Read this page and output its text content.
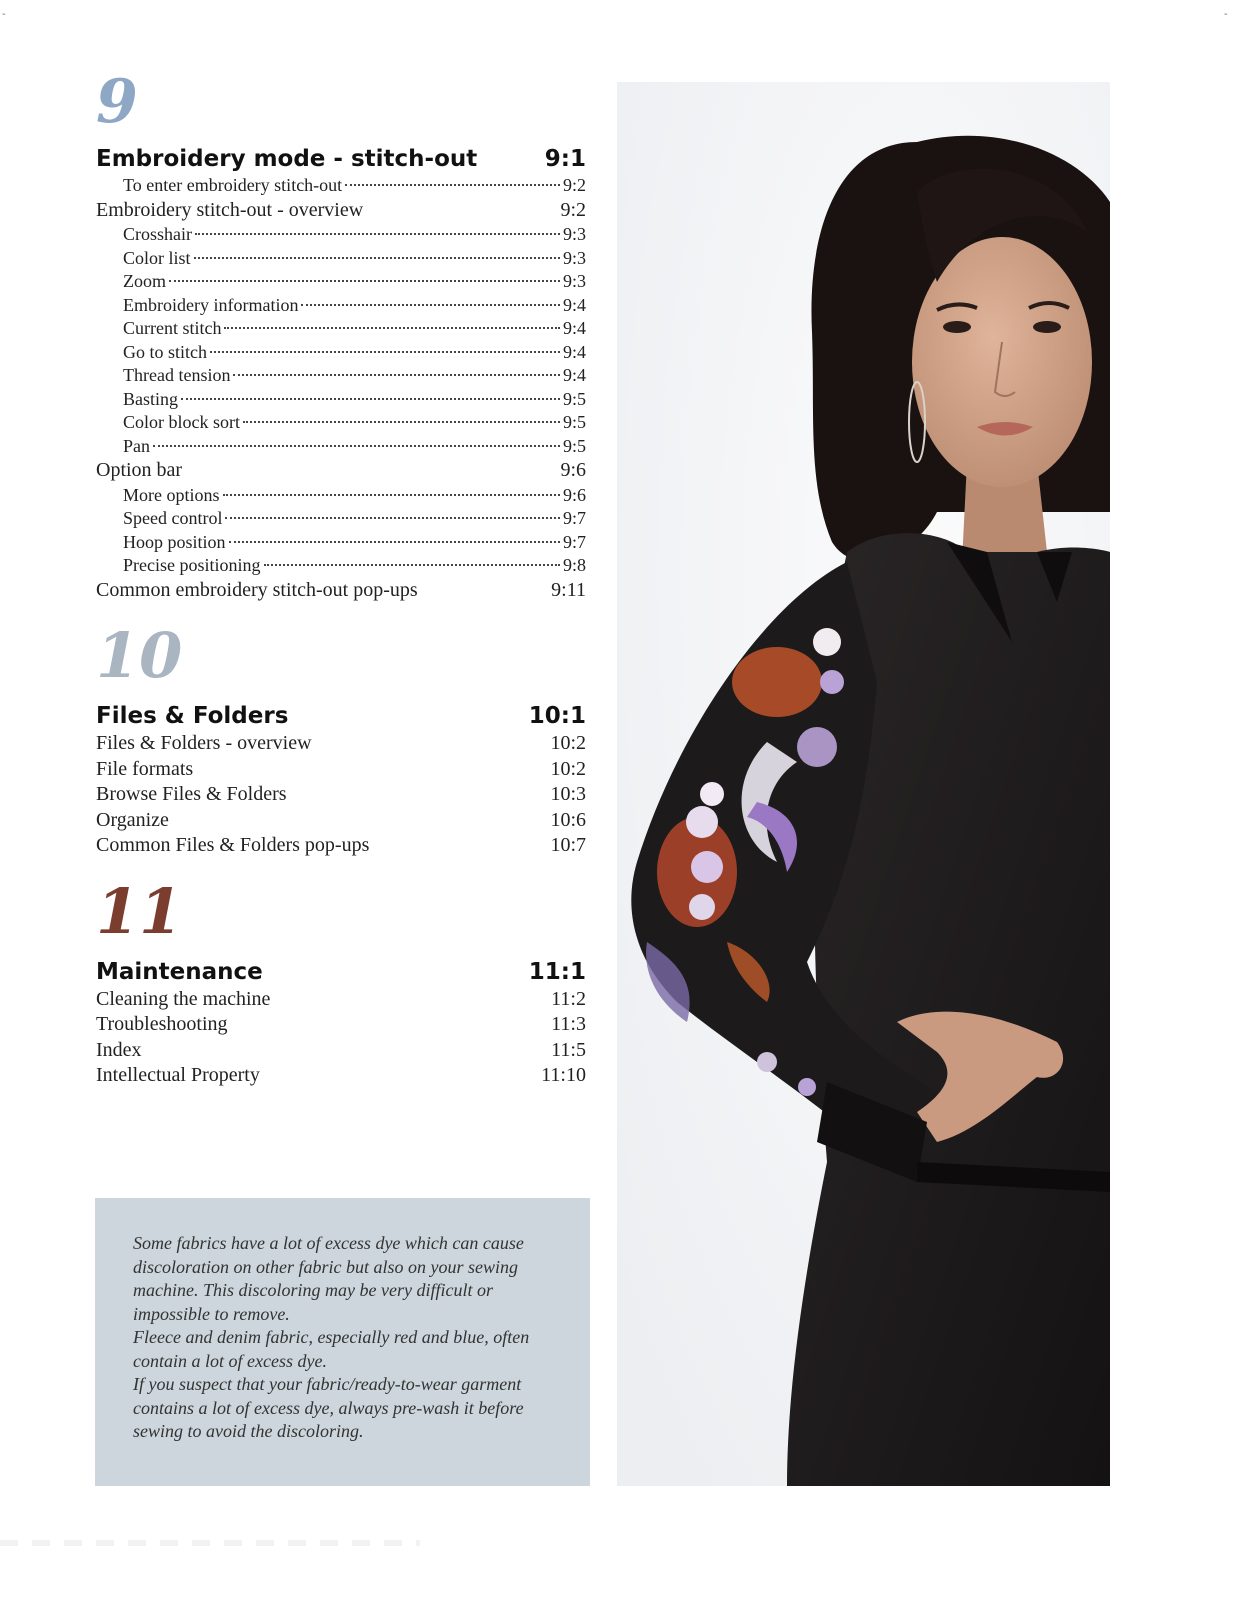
-	-
9
Embroidery mode - stitch-out	9:1
To enter embroidery stitch-out	9:2
Embroidery stitch-out - overview	9:2
Crosshair	9:3
Color list	9:3
Zoom	9:3
Embroidery information	9:4
Current stitch	9:4
Go to stitch	9:4
Thread tension	9:4
Basting	9:5
Color block sort	9:5
Pan	9:5
Option bar	9:6
More options	9:6
Speed control	9:7
Hoop position	9:7
Precise positioning	9:8
Common embroidery stitch-out pop-ups	9:11
10
Files & Folders	10:1
Files & Folders - overview	10:2
File formats	10:2
Browse Files & Folders	10:3
Organize	10:6
Common Files & Folders pop-ups	10:7
11
Maintenance	11:1
Cleaning the machine	11:2
Troubleshooting	11:3
Index	11:5
Intellectual Property	11:10

Some fabrics have a lot of excess dye which can cause discoloration on other fabric but also on your sewing machine. This discoloring may be very difficult or impossible to remove.

Fleece and denim fabric, especially red and blue, often contain a lot of excess dye.

If you suspect that your fabric/ready-to-wear garment contains a lot of excess dye, always pre-wash it before sewing to avoid the discoloring.
